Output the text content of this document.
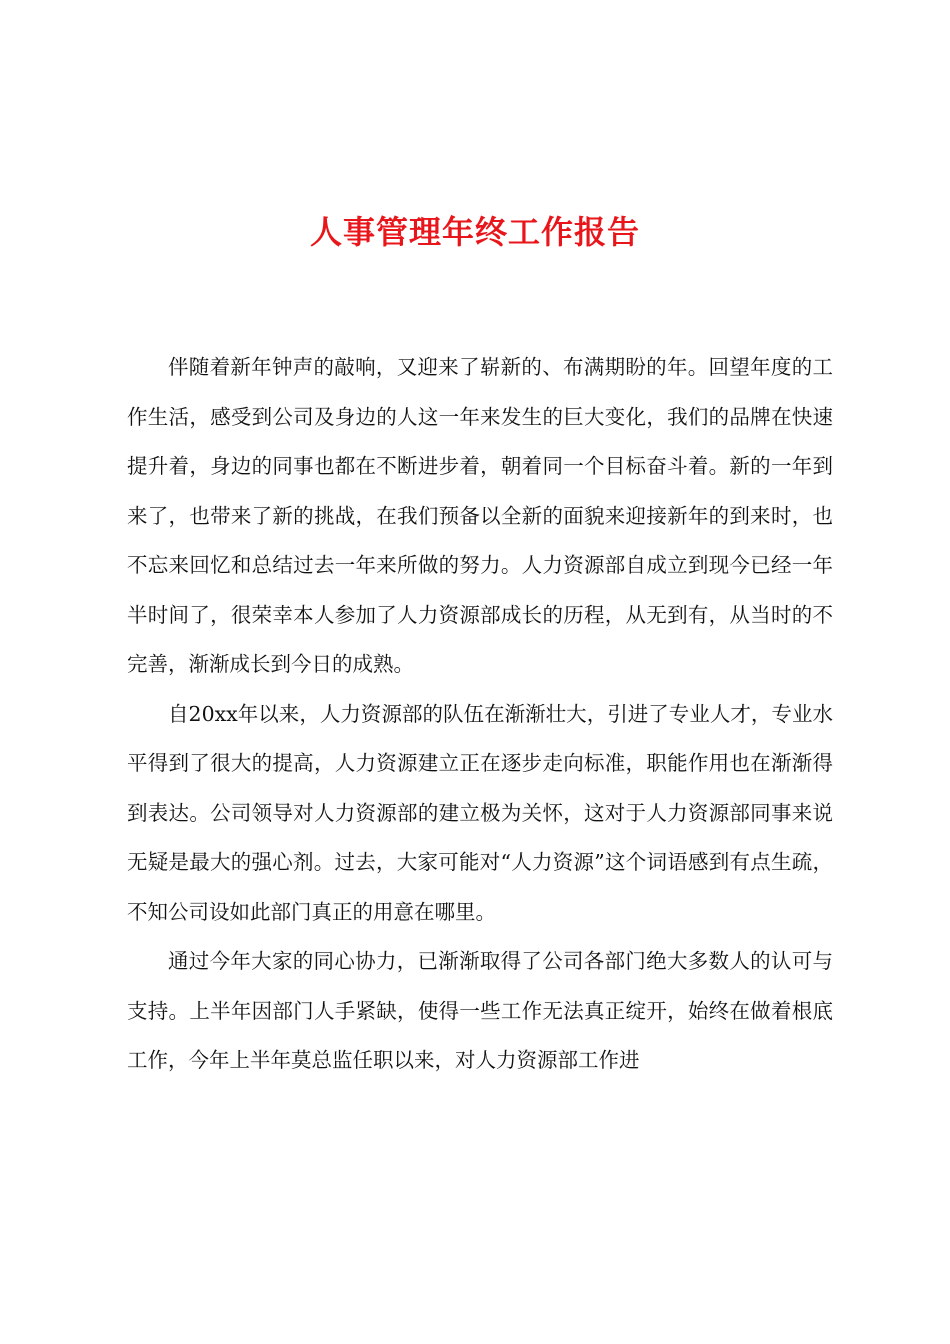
人事管理年终工作报告

伴随着新年钟声的敲响，又迎来了崭新的、布满期盼的年。回望年度的工作生活，感受到公司及身边的人这一年来发生的巨大变化，我们的品牌在快速提升着，身边的同事也都在不断进步着，朝着同一个目标奋斗着。新的一年到来了，也带来了新的挑战，在我们预备以全新的面貌来迎接新年的到来时，也不忘来回忆和总结过去一年来所做的努力。人力资源部自成立到现今已经一年半时间了，很荣幸本人参加了人力资源部成长的历程，从无到有，从当时的不完善，渐渐成长到今日的成熟。

自20xx年以来，人力资源部的队伍在渐渐壮大，引进了专业人才，专业水平得到了很大的提高，人力资源建立正在逐步走向标准，职能作用也在渐渐得到表达。公司领导对人力资源部的建立极为关怀，这对于人力资源部同事来说无疑是最大的强心剂。过去，大家可能对“人力资源”这个词语感到有点生疏，不知公司设如此部门真正的用意在哪里。

通过今年大家的同心协力，已渐渐取得了公司各部门绝大多数人的认可与支持。上半年因部门人手紧缺，使得一些工作无法真正绽开，始终在做着根底工作，今年上半年莫总监任职以来，对人力资源部工作进
